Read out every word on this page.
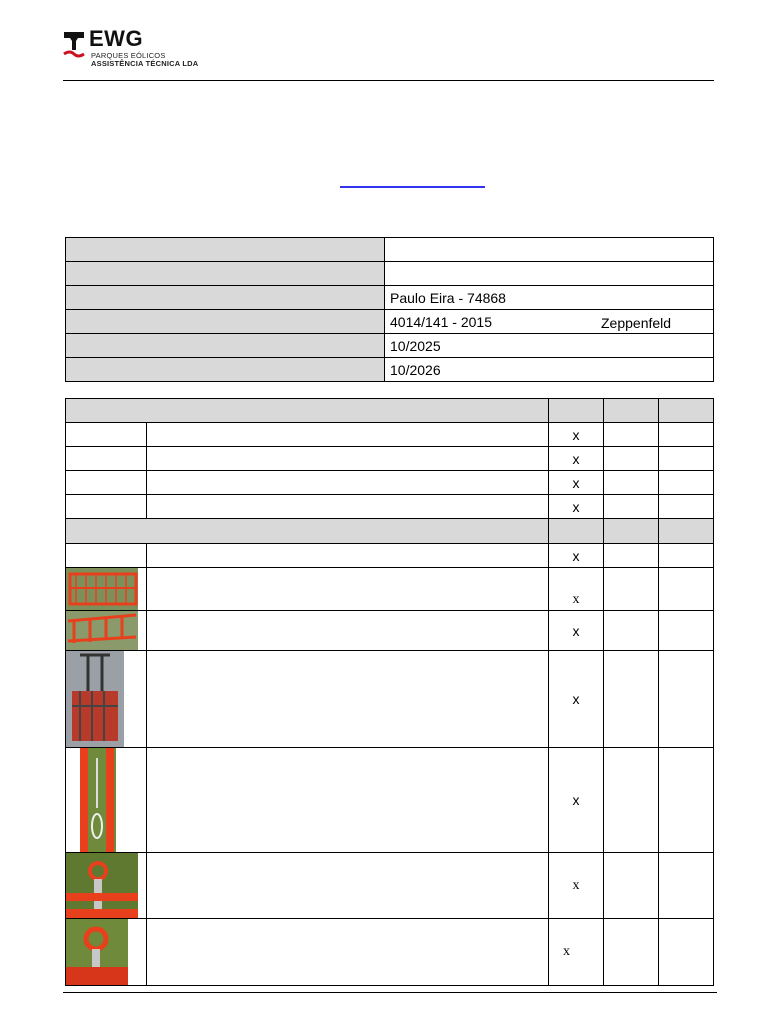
EWG
PARQUES EÓLICOS
ASSISTÊNCIA TÉCNICA LDA

	Paulo Eira - 74868
	4014/141 - 2015 Zeppenfeld

	10/2025
	10/2026

		x		
		x		
		x		
		x		

		x		

		x		

		x		

		x		

		x		

		x		

		x		
